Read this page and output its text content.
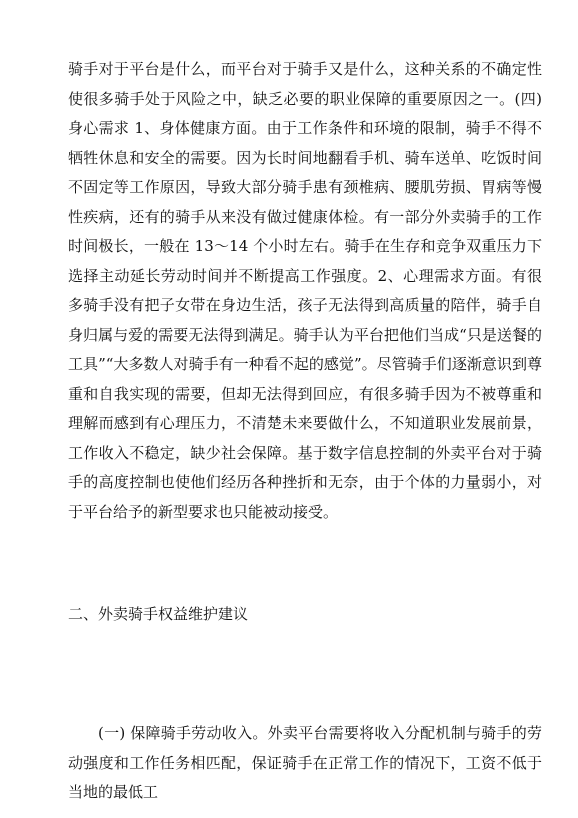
骑手对于平台是什么，而平台对于骑手又是什么，这种关系的不确定性使很多骑手处于风险之中，缺乏必要的职业保障的重要原因之一。(四) 身心需求 1、身体健康方面。由于工作条件和环境的限制，骑手不得不牺牲休息和安全的需要。因为长时间地翻看手机、骑车送单、吃饭时间不固定等工作原因，导致大部分骑手患有颈椎病、腰肌劳损、胃病等慢性疾病，还有的骑手从来没有做过健康体检。有一部分外卖骑手的工作时间极长，一般在 13～14 个小时左右。骑手在生存和竞争双重压力下选择主动延长劳动时间并不断提高工作强度。2、心理需求方面。有很多骑手没有把子女带在身边生活，孩子无法得到高质量的陪伴，骑手自身归属与爱的需要无法得到满足。骑手认为平台把他们当成“只是送餐的工具”“大多数人对骑手有一种看不起的感觉”。尽管骑手们逐渐意识到尊重和自我实现的需要，但却无法得到回应，有很多骑手因为不被尊重和理解而感到有心理压力，不清楚未来要做什么，不知道职业发展前景，工作收入不稳定，缺少社会保障。基于数字信息控制的外卖平台对于骑手的高度控制也使他们经历各种挫折和无奈，由于个体的力量弱小，对于平台给予的新型要求也只能被动接受。

二、外卖骑手权益维护建议

(一) 保障骑手劳动收入。外卖平台需要将收入分配机制与骑手的劳动强度和工作任务相匹配，保证骑手在正常工作的情况下，工资不低于当地的最低工
